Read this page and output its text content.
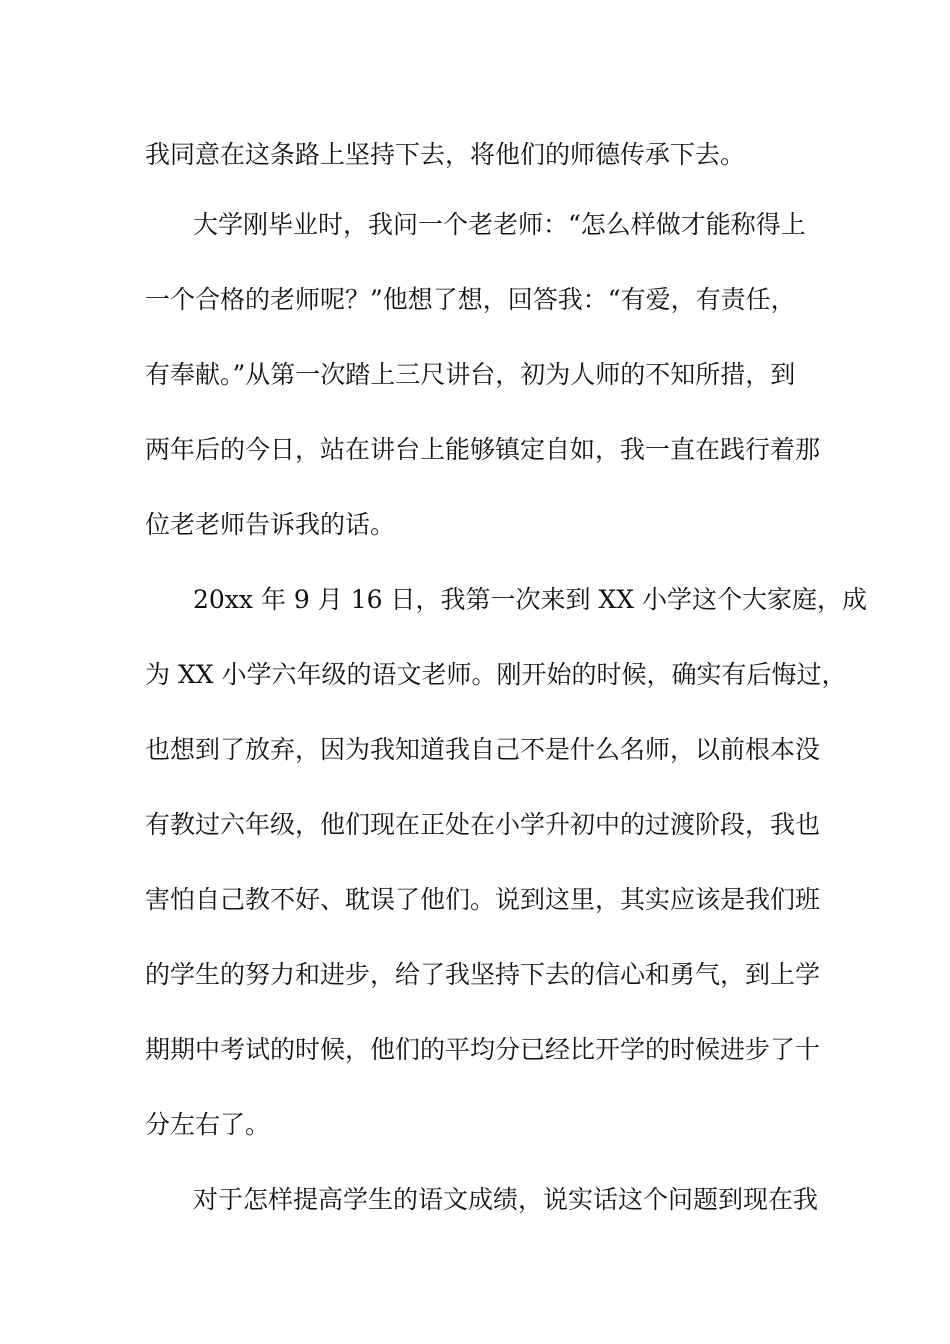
我同意在这条路上坚持下去，将他们的师德传承下去。
大学刚毕业时，我问一个老老师：“怎么样做才能称得上
一个合格的老师呢？”他想了想，回答我：“有爱，有责任，
有奉献。”从第一次踏上三尺讲台，初为人师的不知所措，到
两年后的今日，站在讲台上能够镇定自如，我一直在践行着那
位老老师告诉我的话。
20xx 年 9 月 16 日，我第一次来到 XX 小学这个大家庭，成
为 XX 小学六年级的语文老师。刚开始的时候，确实有后悔过，
也想到了放弃，因为我知道我自己不是什么名师，以前根本没
有教过六年级，他们现在正处在小学升初中的过渡阶段，我也
害怕自己教不好、耽误了他们。说到这里，其实应该是我们班
的学生的努力和进步，给了我坚持下去的信心和勇气，到上学
期期中考试的时候，他们的平均分已经比开学的时候进步了十
分左右了。
对于怎样提高学生的语文成绩，说实话这个问题到现在我
